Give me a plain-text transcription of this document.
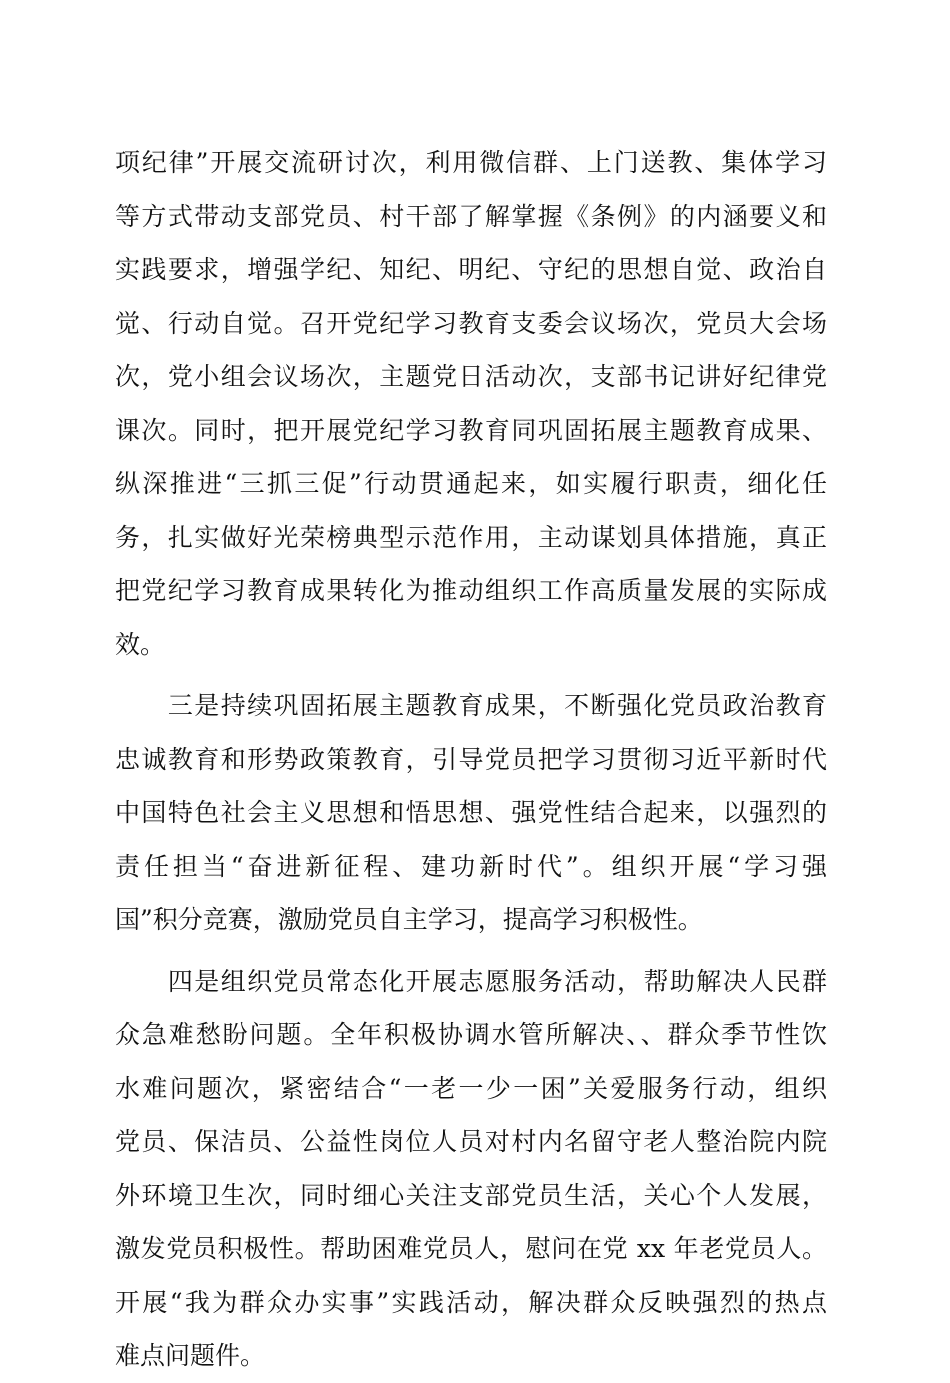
项纪律”开展交流研讨次，利用微信群、上门送教、集体学习
等方式带动支部党员、村干部了解掌握《条例》的内涵要义和
实践要求，增强学纪、知纪、明纪、守纪的思想自觉、政治自
觉、行动自觉。召开党纪学习教育支委会议场次，党员大会场
次，党小组会议场次，主题党日活动次，支部书记讲好纪律党
课次。同时，把开展党纪学习教育同巩固拓展主题教育成果、
纵深推进“三抓三促”行动贯通起来，如实履行职责，细化任
务，扎实做好光荣榜典型示范作用，主动谋划具体措施，真正
把党纪学习教育成果转化为推动组织工作高质量发展的实际成
效。
　　三是持续巩固拓展主题教育成果，不断强化党员政治教育
忠诚教育和形势政策教育，引导党员把学习贯彻习近平新时代
中国特色社会主义思想和悟思想、强党性结合起来，以强烈的
责任担当“奋进新征程、建功新时代”。组织开展“学习强
国”积分竞赛，激励党员自主学习，提高学习积极性。
　　四是组织党员常态化开展志愿服务活动，帮助解决人民群
众急难愁盼问题。全年积极协调水管所解决、、群众季节性饮
水难问题次，紧密结合“一老一少一困”关爱服务行动，组织
党员、保洁员、公益性岗位人员对村内名留守老人整治院内院
外环境卫生次，同时细心关注支部党员生活，关心个人发展，
激发党员积极性。帮助困难党员人，慰问在党 xx 年老党员人。
开展“我为群众办实事”实践活动，解决群众反映强烈的热点
难点问题件。
